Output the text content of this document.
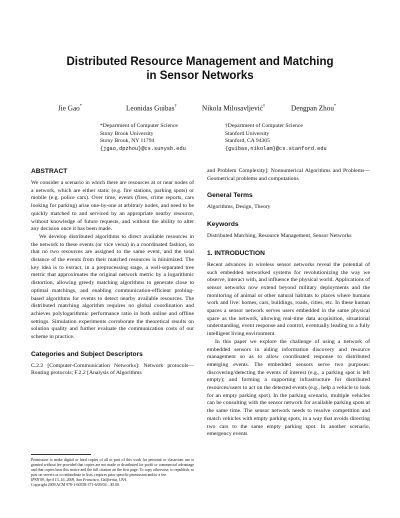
Distributed Resource Management and Matching
in Sensor Networks
Jie Gao*	Leonidas Guibas†	Nikola Milosavljević†	Dengpan Zhou*
*Department of Computer Science
Stony Brook University
Stony Brook, NY 11794
{jgao,dpzhou}@cs.sunysb.edu
†Department of Computer Science
Stanford University
Stanford, CA 94305
{guibas,nikolam}@cs.stanford.edu
ABSTRACT

We consider a scenario in which there are resources at or near nodes of a network, which are either static (e.g. fire stations, parking spots) or mobile (e.g. police cars). Over time, events (fires, crime reports, cars looking for parking) arise one-by-one at arbitrary nodes, and need to be quickly matched to and serviced by an appropriate nearby resource, without knowledge of future requests, and without the ability to alter any decision once it has been made.

We develop distributed algorithms to direct available resources in the network to these events (or vice versa) in a coordinated fashion, so that no two resources are assigned to the same event, and the total distance of the events from their matched resources is minimized. The key idea is to extract, in a preprocessing stage, a well-separated tree metric that approximates the original network metric by a logarithmic distortion, allowing greedy matching algorithms to generate close to optimal matchings, and enabling communication-efficient probing-based algorithms for events to detect nearby available resources. The distributed matching algorithm requires no global coordination and achieves polylogarithmic performance ratio in both online and offline settings. Simulation experiments corroborate the theoretical results on solution quality and further evaluate the communication costs of our scheme in practice.

Categories and Subject Descriptors

C.2.2 [Computer-Communication Networks]: Network protocols—Routing protocols; F.2.2 [Analysis of Algorithms

Permission to make digital or hard copies of all or part of this work for personal or classroom use is granted without fee provided that copies are not made or distributed for profit or commercial advantage and that copies bear this notice and the full citation on the first page. To copy otherwise, to republish, to post on servers or to redistribute to lists, requires prior specific permission and/or a fee.
IPSN'09, April 13–16, 2009, San Francisco, California, USA.
Copyright 2009 ACM 978-1-60558-371-6/09/04 ...$5.00.

and Problem Complexity]: Nonnumerical Algorithms and Problems—Geometrical problems and computations

General Terms

Algorithms, Design, Theory

Keywords

Distributed Matching, Resource Management, Sensor Networks

1. INTRODUCTION

Recent advances in wireless sensor networks reveal the potential of such embedded networked systems for revolutionizing the way we observe, interact with, and influence the physical world. Applications of sensor networks now extend beyond military deployments and the monitoring of animal or other natural habitats to places where humans work and live: homes, cars, buildings, roads, cities, etc. In these human spaces a sensor network serves users embedded in the same physical space as the network, allowing real-time data acquisition, situational understanding, event response and control, eventually leading to a fully intelligent living environment.

In this paper we explore the challenge of using a network of embedded sensors in aiding information discovery and resource management so as to allow coordinated response to distributed emerging events. The embedded sensors serve two purposes: discovering/detecting the events of interest (e.g., a parking spot is left empty); and forming a supporting infrastructure for distributed resources/users to act on the detected events (e.g., help a vehicle to look for an empty parking spot). In the parking scenario, multiple vehicles can be consulting with the sensor network for available parking spots at the same time. The sensor network needs to resolve competition and match vehicles with empty parking spots, in a way that avoids directing two cars to the same empty parking spot. In another scenario, emergency events
